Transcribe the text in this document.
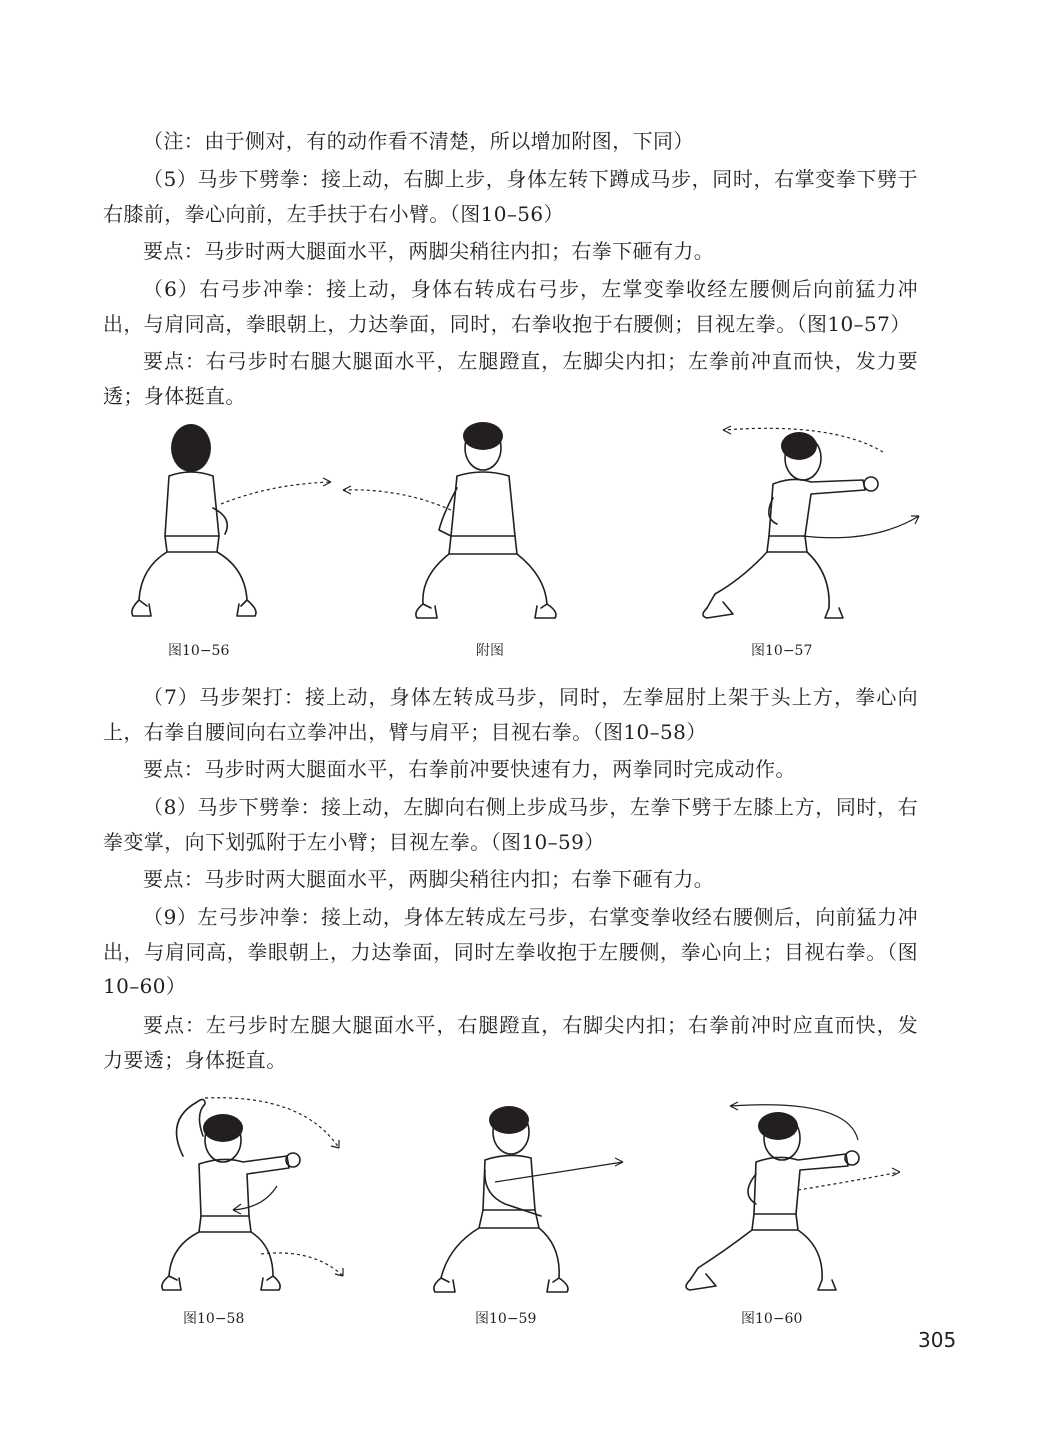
（注：由于侧对，有的动作看不清楚，所以增加附图，下同）

（5）马步下劈拳：接上动，右脚上步，身体左转下蹲成马步，同时，右掌变拳下劈于右膝前，拳心向前，左手扶于右小臂。（图10–56）

要点：马步时两大腿面水平，两脚尖稍往内扣；右拳下砸有力。

（6）右弓步冲拳：接上动，身体右转成右弓步，左掌变拳收经左腰侧后向前猛力冲出，与肩同高，拳眼朝上，力达拳面，同时，右拳收抱于右腰侧；目视左拳。（图10–57）

要点：右弓步时右腿大腿面水平，左腿蹬直，左脚尖内扣；左拳前冲直而快，发力要透；身体挺直。

图10−56	附图	图10−57

（7）马步架打：接上动，身体左转成马步，同时，左拳屈肘上架于头上方，拳心向上，右拳自腰间向右立拳冲出，臂与肩平；目视右拳。（图10–58）

要点：马步时两大腿面水平，右拳前冲要快速有力，两拳同时完成动作。

（8）马步下劈拳：接上动，左脚向右侧上步成马步，左拳下劈于左膝上方，同时，右拳变掌，向下划弧附于左小臂；目视左拳。（图10–59）

要点：马步时两大腿面水平，两脚尖稍往内扣；右拳下砸有力。

（9）左弓步冲拳：接上动，身体左转成左弓步，右掌变拳收经右腰侧后，向前猛力冲出，与肩同高，拳眼朝上，力达拳面，同时左拳收抱于左腰侧，拳心向上；目视右拳。（图10–60）

要点：左弓步时左腿大腿面水平，右腿蹬直，右脚尖内扣；右拳前冲时应直而快，发力要透；身体挺直。

图10−58	图10−59	图10−60
305
